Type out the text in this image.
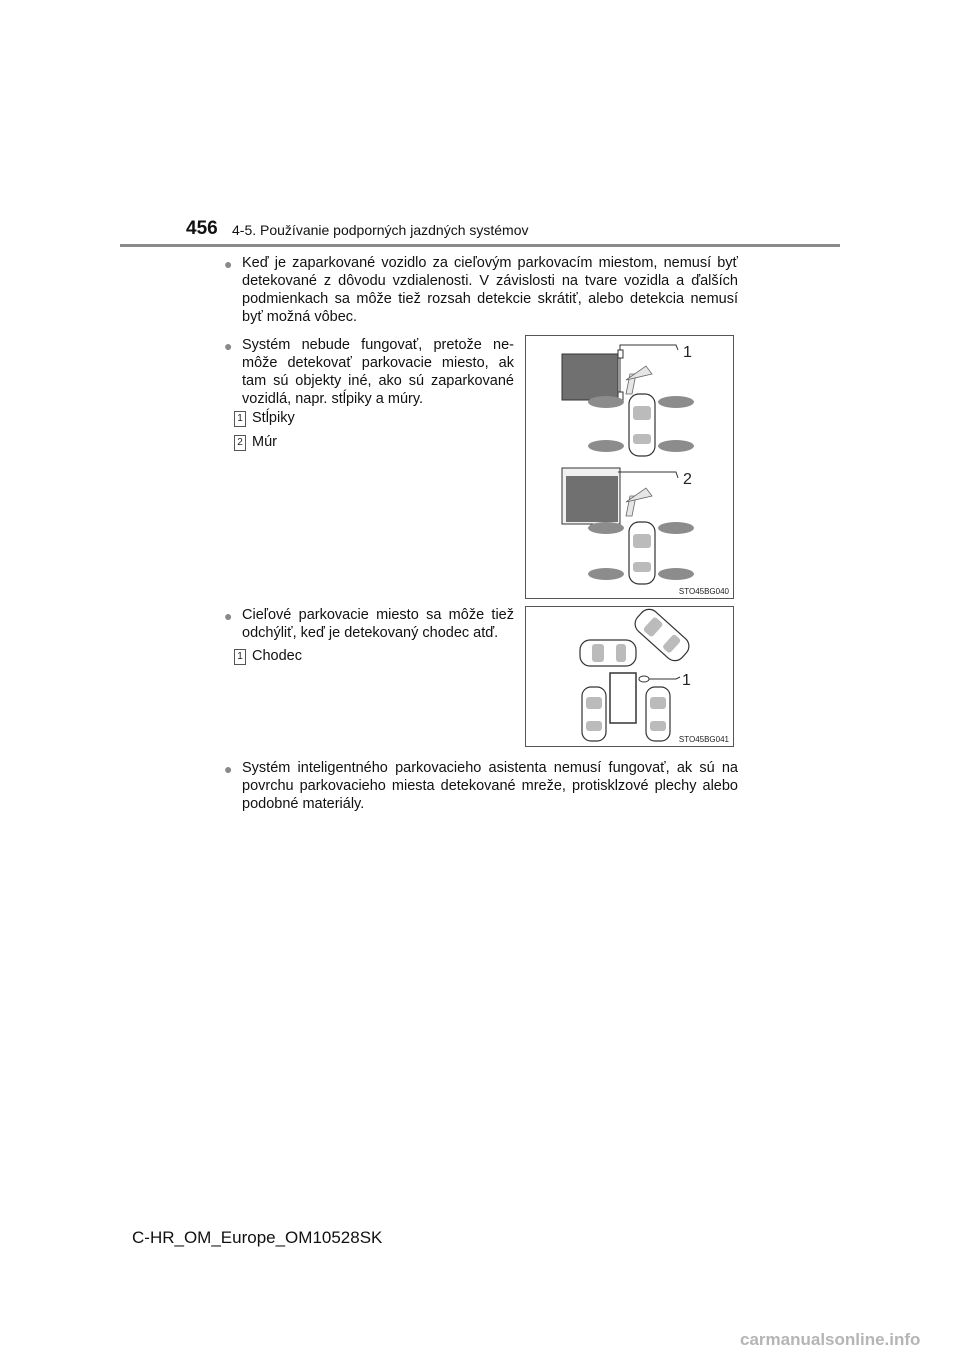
456 4-5. Používanie podporných jazdných systémov
● Keď je zaparkované vozidlo za cieľovým parkovacím miestom, nemusí byť detekované z dôvodu vzdialenosti. V závislosti na tvare vozidla a ďalších podmienkach sa môže tiež rozsah detekcie skrátiť, alebo detekcia nemusí byť možná vôbec.
● Systém nebude fungovať, pretože ne-
môže detekovať parkovacie miesto, ak
tam sú objekty iné, ako sú zaparkované
vozidlá, napr. stĺpiky a múry.
1 Stĺpiky
2 Múr
1
2
STO45BG040
● Cieľové parkovacie miesto sa môže tiež
odchýliť, keď je detekovaný chodec atď.
1 Chodec
1
STO45BG041
● Systém inteligentného parkovacieho asistenta nemusí fungovať, ak sú na povrchu parkovacieho miesta detekované mreže, protisklzové plechy alebo podobné materiály.
C-HR_OM_Europe_OM10528SK
carmanualsonline.info
